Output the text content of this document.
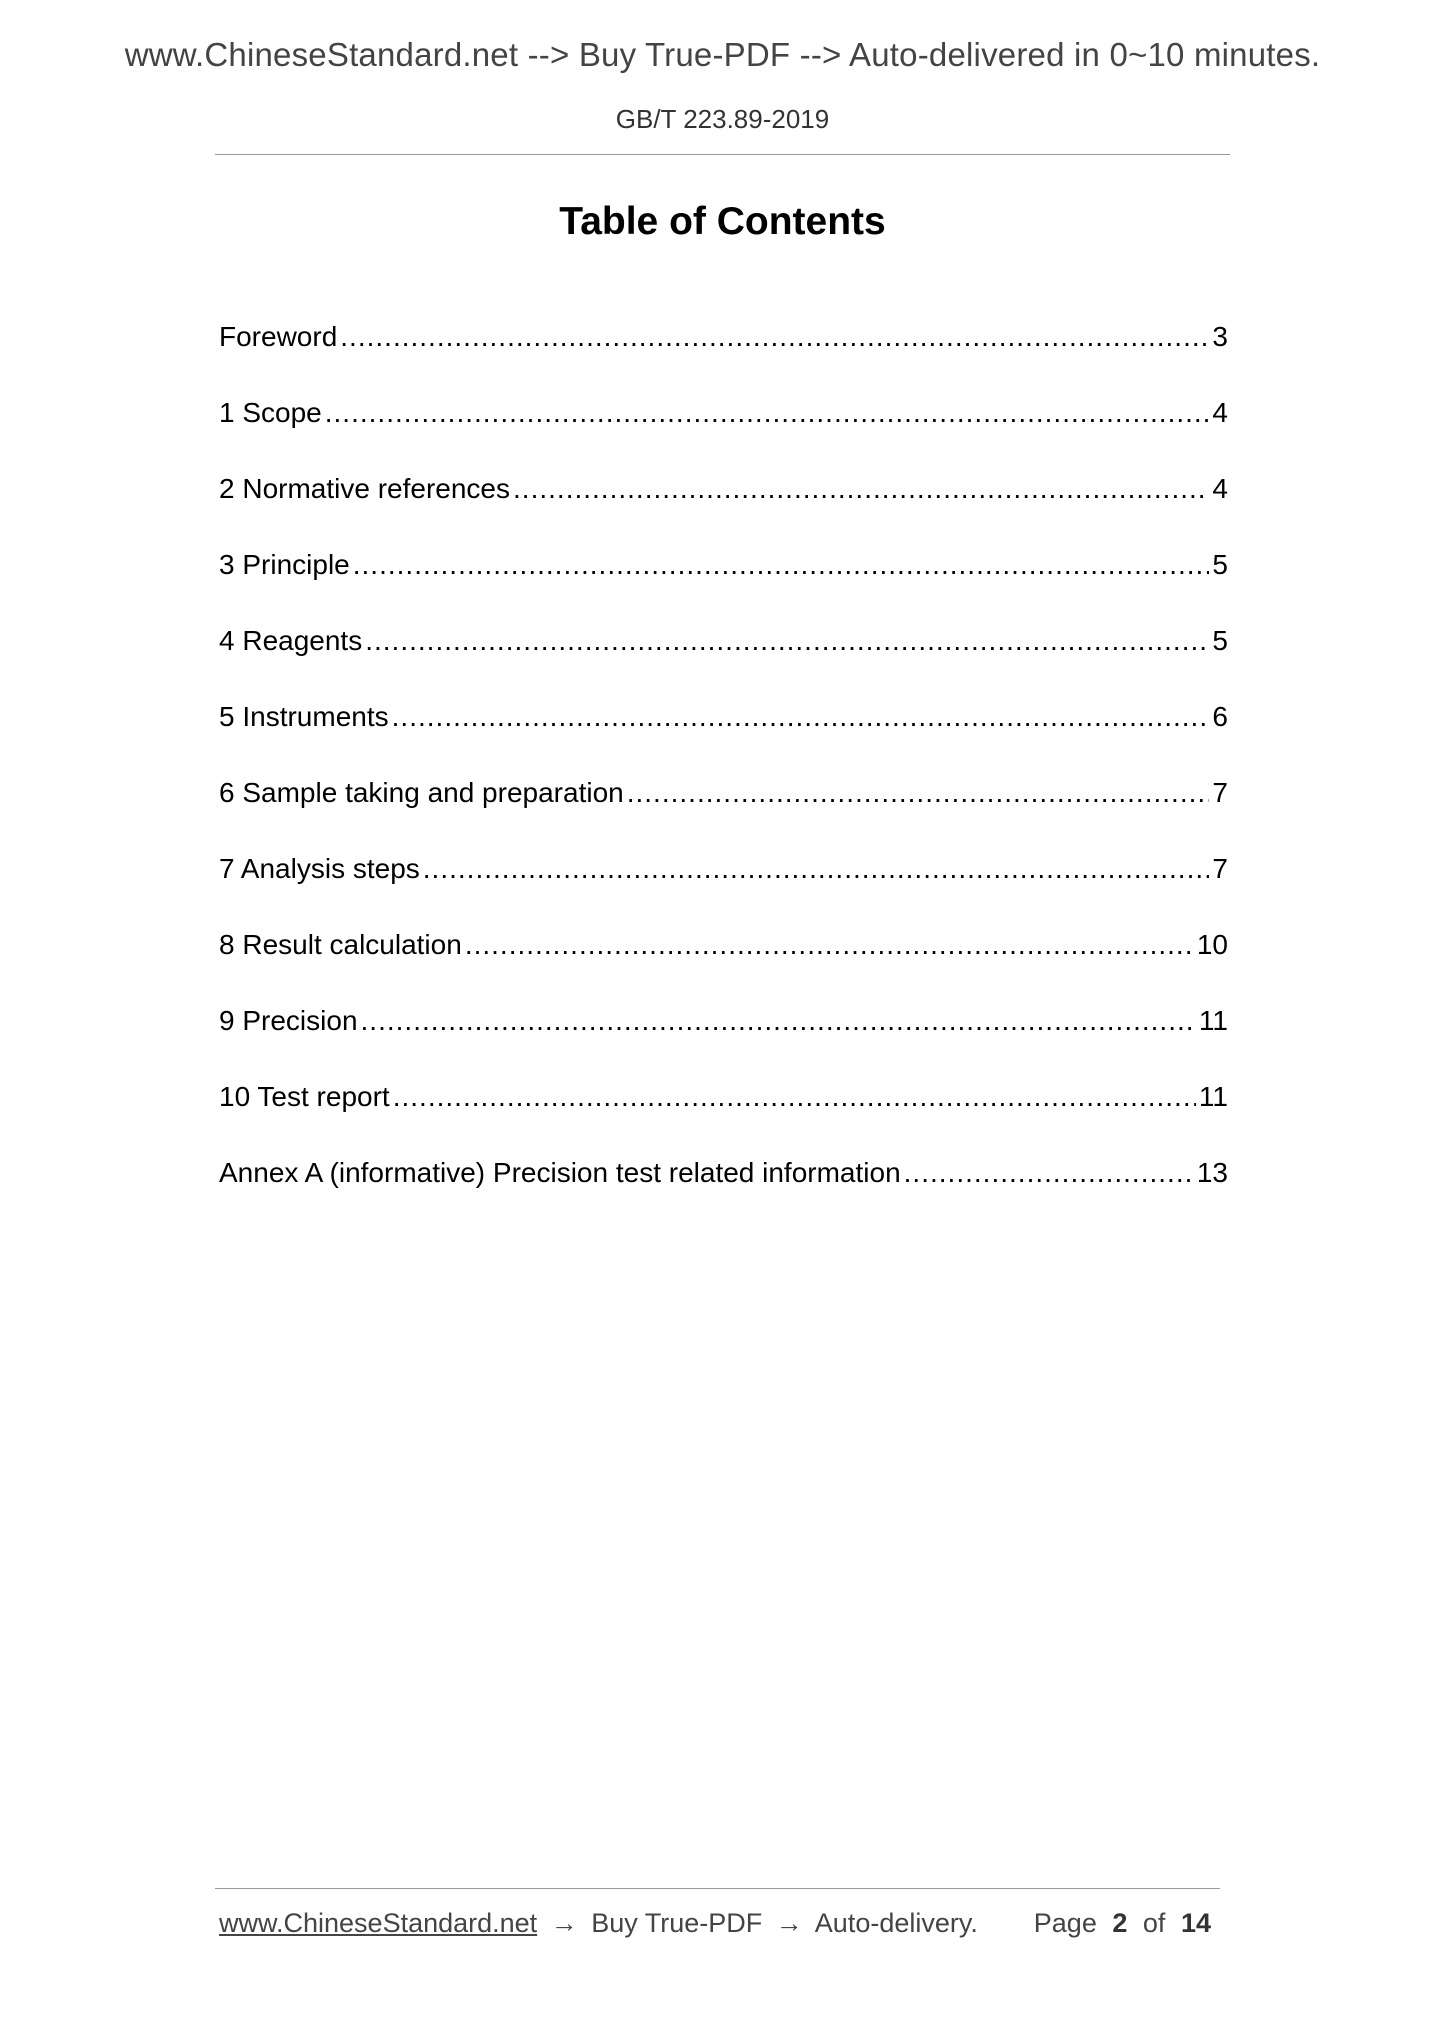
www.ChineseStandard.net --> Buy True-PDF --> Auto-delivered in 0~10 minutes.
GB/T 223.89-2019
Table of Contents
Foreword .....	3
1 Scope .....	4
2 Normative references .....	4
3 Principle .....	5
4 Reagents .....	5
5 Instruments .....	6
6 Sample taking and preparation .....	7
7 Analysis steps .....	7
8 Result calculation .....	10
9 Precision .....	11
10 Test report .....	11
Annex A (informative) Precision test related information .....	13
www.ChineseStandard.net → Buy True-PDF → Auto-delivery. Page 2 of 14
